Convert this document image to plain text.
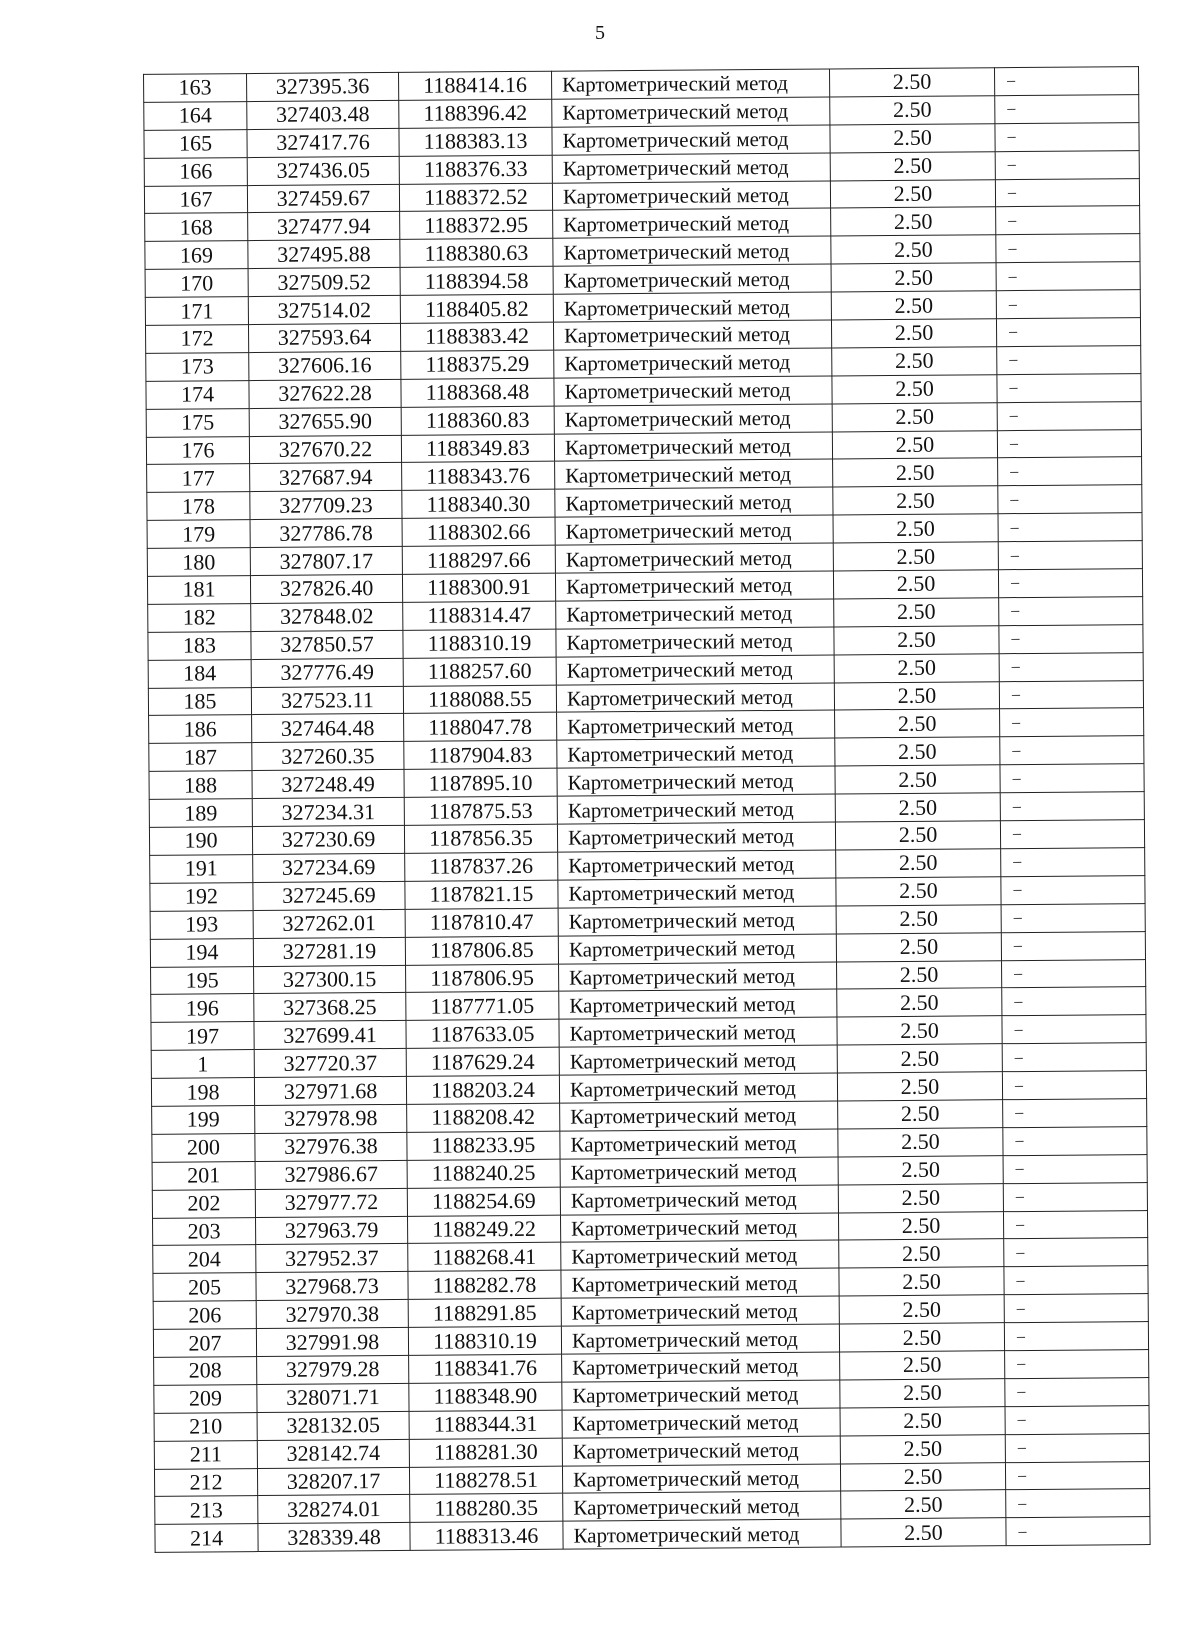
5
163	327395.36	1188414.16	Картометрический метод	2.50	–
164	327403.48	1188396.42	Картометрический метод	2.50	–
165	327417.76	1188383.13	Картометрический метод	2.50	–
166	327436.05	1188376.33	Картометрический метод	2.50	–
167	327459.67	1188372.52	Картометрический метод	2.50	–
168	327477.94	1188372.95	Картометрический метод	2.50	–
169	327495.88	1188380.63	Картометрический метод	2.50	–
170	327509.52	1188394.58	Картометрический метод	2.50	–
171	327514.02	1188405.82	Картометрический метод	2.50	–
172	327593.64	1188383.42	Картометрический метод	2.50	–
173	327606.16	1188375.29	Картометрический метод	2.50	–
174	327622.28	1188368.48	Картометрический метод	2.50	–
175	327655.90	1188360.83	Картометрический метод	2.50	–
176	327670.22	1188349.83	Картометрический метод	2.50	–
177	327687.94	1188343.76	Картометрический метод	2.50	–
178	327709.23	1188340.30	Картометрический метод	2.50	–
179	327786.78	1188302.66	Картометрический метод	2.50	–
180	327807.17	1188297.66	Картометрический метод	2.50	–
181	327826.40	1188300.91	Картометрический метод	2.50	–
182	327848.02	1188314.47	Картометрический метод	2.50	–
183	327850.57	1188310.19	Картометрический метод	2.50	–
184	327776.49	1188257.60	Картометрический метод	2.50	–
185	327523.11	1188088.55	Картометрический метод	2.50	–
186	327464.48	1188047.78	Картометрический метод	2.50	–
187	327260.35	1187904.83	Картометрический метод	2.50	–
188	327248.49	1187895.10	Картометрический метод	2.50	–
189	327234.31	1187875.53	Картометрический метод	2.50	–
190	327230.69	1187856.35	Картометрический метод	2.50	–
191	327234.69	1187837.26	Картометрический метод	2.50	–
192	327245.69	1187821.15	Картометрический метод	2.50	–
193	327262.01	1187810.47	Картометрический метод	2.50	–
194	327281.19	1187806.85	Картометрический метод	2.50	–
195	327300.15	1187806.95	Картометрический метод	2.50	–
196	327368.25	1187771.05	Картометрический метод	2.50	–
197	327699.41	1187633.05	Картометрический метод	2.50	–
1	327720.37	1187629.24	Картометрический метод	2.50	–
198	327971.68	1188203.24	Картометрический метод	2.50	–
199	327978.98	1188208.42	Картометрический метод	2.50	–
200	327976.38	1188233.95	Картометрический метод	2.50	–
201	327986.67	1188240.25	Картометрический метод	2.50	–
202	327977.72	1188254.69	Картометрический метод	2.50	–
203	327963.79	1188249.22	Картометрический метод	2.50	–
204	327952.37	1188268.41	Картометрический метод	2.50	–
205	327968.73	1188282.78	Картометрический метод	2.50	–
206	327970.38	1188291.85	Картометрический метод	2.50	–
207	327991.98	1188310.19	Картометрический метод	2.50	–
208	327979.28	1188341.76	Картометрический метод	2.50	–
209	328071.71	1188348.90	Картометрический метод	2.50	–
210	328132.05	1188344.31	Картометрический метод	2.50	–
211	328142.74	1188281.30	Картометрический метод	2.50	–
212	328207.17	1188278.51	Картометрический метод	2.50	–
213	328274.01	1188280.35	Картометрический метод	2.50	–
214	328339.48	1188313.46	Картометрический метод	2.50	–
